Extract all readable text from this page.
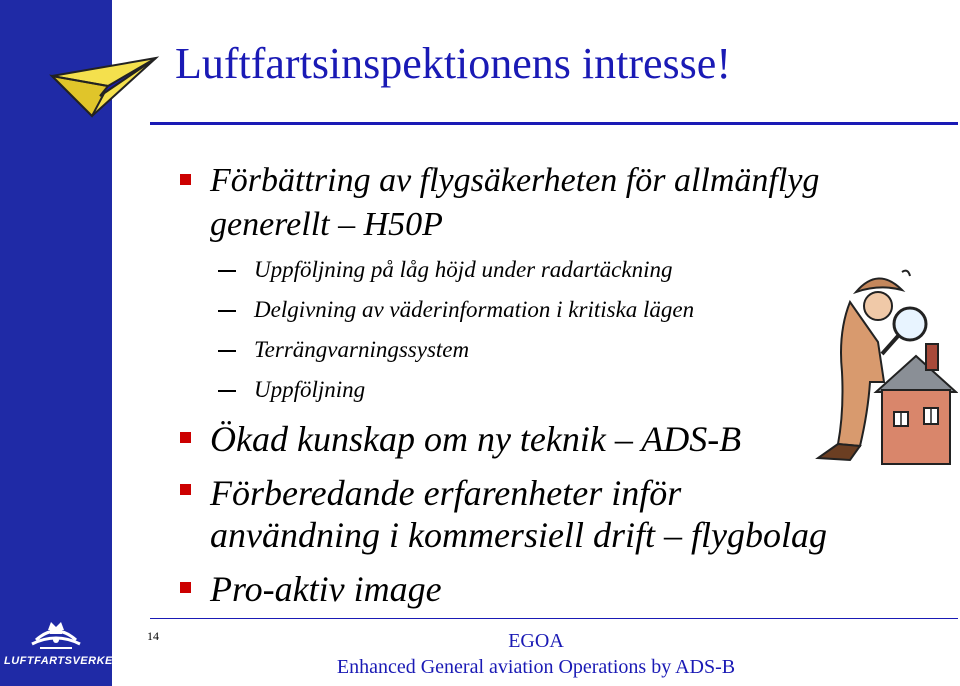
LUFTFARTSVERKET
Luftfartsinspektionens intresse!
Förbättring av flygsäkerheten för allmänflyg
generellt – H50P
Uppföljning på låg höjd under radartäckning
Delgivning av väderinformation i kritiska lägen
Terrängvarningssystem
Uppföljning
Ökad kunskap om ny teknik – ADS-B
Förberedande erfarenheter inför
användning i kommersiell drift – flygbolag
Pro-aktiv image
14	EGOA
Enhanced General aviation Operations by ADS-B
